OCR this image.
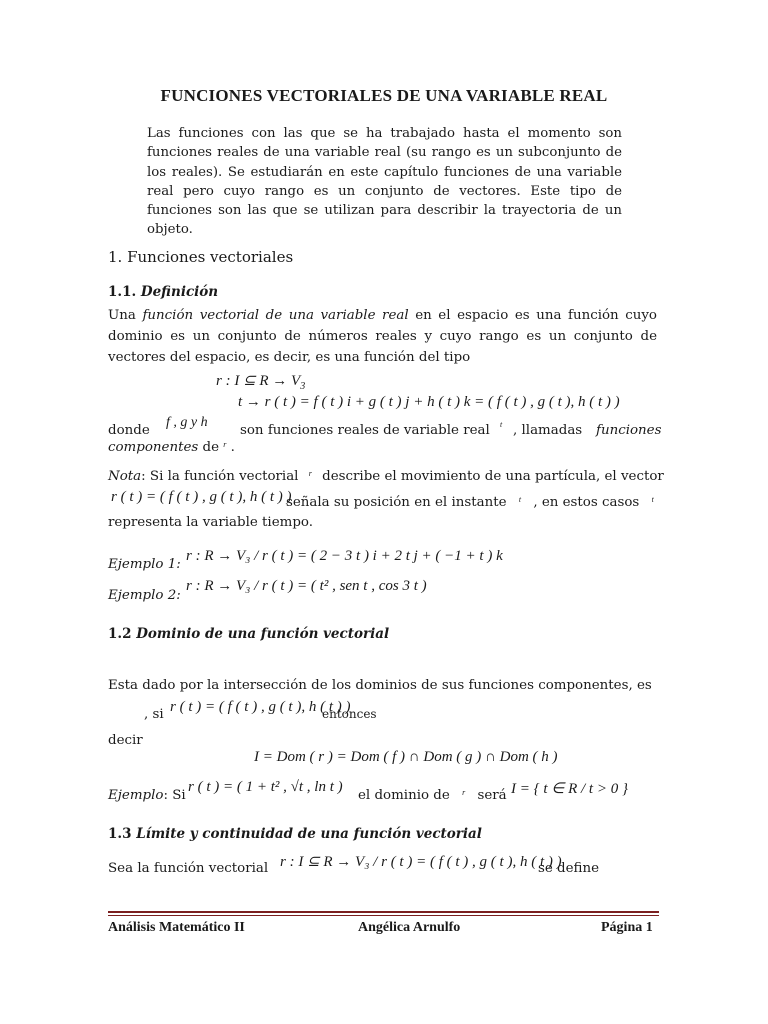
FUNCIONES VECTORIALES DE UNA VARIABLE REAL
Las funciones con las que se ha trabajado hasta el momento son funciones reales de una variable real (su rango es un subconjunto de los reales). Se estudiarán en este capítulo funciones de una variable real pero cuyo rango es un conjunto de vectores. Este tipo de funciones son las que se utilizan para describir la trayectoria de un objeto.
1. Funciones vectoriales
1.1. Definición
Una función vectorial de una variable real en el espacio es una función cuyo
dominio es un conjunto de números reales y cuyo rango es un conjunto de
vectores del espacio, es decir, es una función del tipo
r : I ⊆ $R \to V_3$
t → r ( t ) = f ( t ) i + g ( t ) j + h ( t ) k = ( f ( t ) , g ( t ), h ( t ) )
donde
f , g y h
son funciones reales de variable real t , llamadas funciones
componentes de $^r$ .
Nota: Si la función vectorial $^r$ describe el movimiento de una partícula, el vector
r ( t ) = ( f ( t ) , g ( t ), h ( t ) )
señala su posición en el instante $^t$ , en estos casos $^t$
representa la variable tiempo.
Ejemplo 1:
r : R → V₃ / r ( t ) = ( 2 − 3 t ) i + 2 t j + ( −1 + t ) k
Ejemplo 2:
r : R → V₃ / r ( t ) = ( t² , sen t , cos 3 t )
1.2 Dominio de una función vectorial
Esta dado por la intersección de los dominios de sus funciones componentes, es
, si r ( t ) = ( f ( t ) , g ( t ), h ( t ) )
entonces
decir
I = Dom ( r ) = Dom ( f ) ∩ Dom ( g ) ∩ Dom ( h )
Ejemplo: Si
r ( t ) = ( 1 + t² , √t , ln t )
el dominio de $^r$ será I = { t ∈ R / t > 0 }
1.3 Límite y continuidad de una función vectorial
Sea la función vectorial r : I ⊆ R → V₃ / r ( t ) = ( f ( t ) , g ( t ), h ( t ) )
se define
Análisis Matemático II	Angélica Arnulfo	Página 1
